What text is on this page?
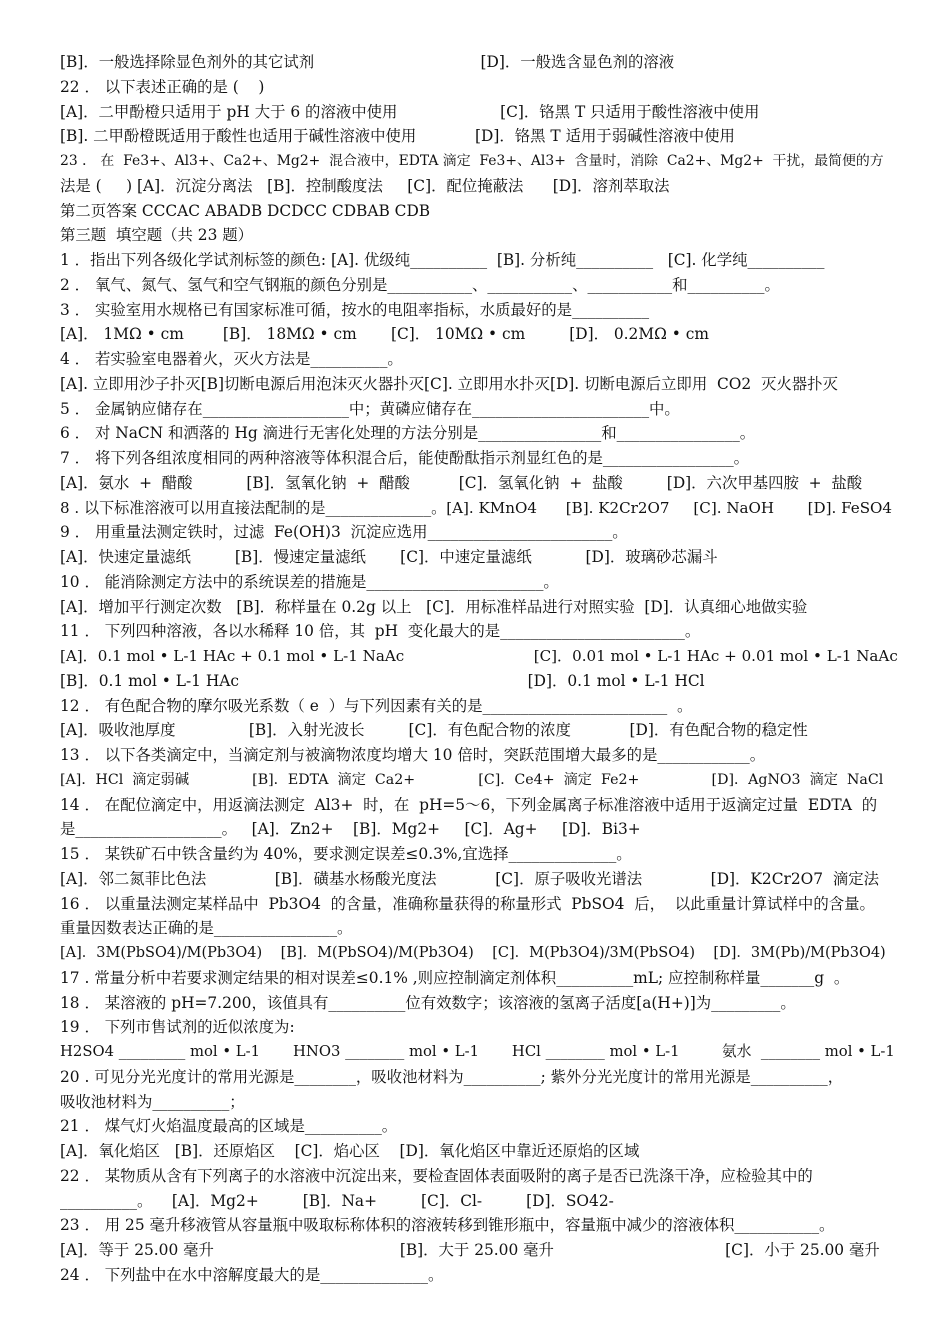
[B]．一般选择除显色剂外的其它试剂                                  [D]．一般选含显色剂的溶液
22 ． 以下表述正确的是 (    )
[A]．二甲酚橙只适用于 pH 大于 6 的溶液中使用                     [C]．铬黑 T 只适用于酸性溶液中使用
[B]. 二甲酚橙既适用于酸性也适用于碱性溶液中使用            [D]．铬黑 T 适用于弱碱性溶液中使用
23 ． 在  Fe3+、Al3+、Ca2+、Mg2+  混合液中，EDTA 滴定  Fe3+、Al3+  含量时，消除  Ca2+、Mg2+  干扰，最简便的方
法是 (     ) [A]．沉淀分离法   [B]．控制酸度法     [C]．配位掩蔽法      [D]．溶剂萃取法
第二页答案 CCCAC ABADB DCDCC CDBAB CDB
第三题  填空题（共 23 题）
1 ．指出下列各级化学试剂标签的颜色: [A]. 优级纯__________  [B]. 分析纯__________   [C]. 化学纯__________
2 ． 氧气、氮气、氢气和空气钢瓶的颜色分别是___________、___________、___________和__________。
3 ． 实验室用水规格已有国家标准可循，按水的电阻率指标，水质最好的是__________
[A]． 1MΩ • cm        [B]． 18MΩ • cm       [C]． 10MΩ • cm         [D]． 0.2MΩ • cm
4 ． 若实验室电器着火，灭火方法是__________。
[A]. 立即用沙子扑灭[B]切断电源后用泡沫灭火器扑灭[C]. 立即用水扑灭[D]. 切断电源后立即用  CO2  灭火器扑灭
5 ． 金属钠应储存在___________________中；黄磷应储存在_______________________中。
6 ． 对 NaCN 和洒落的 Hg 滴进行无害化处理的方法分别是________________和________________。
7 ． 将下列各组浓度相同的两种溶液等体积混合后，能使酚酞指示剂显红色的是_________________。
[A]．氨水  +  醋酸           [B]．氢氧化钠  +  醋酸          [C]．氢氧化钠  +  盐酸         [D]．六次甲基四胺  +  盐酸
8 . 以下标准溶液可以用直接法配制的是______________。[A]. KMnO4      [B]. K2Cr2O7     [C]. NaOH       [D]. FeSO4
9 ． 用重量法测定铁时，过滤  Fe(OH)3  沉淀应选用________________________。
[A]．快速定量滤纸         [B]．慢速定量滤纸       [C]．中速定量滤纸           [D]．玻璃砂芯漏斗
10 ． 能消除测定方法中的系统误差的措施是_______________________。
[A]．增加平行测定次数   [B]．称样量在 0.2g 以上   [C]．用标准样品进行对照实验  [D]．认真细心地做实验
11 ． 下列四种溶液，各以水稀释 10 倍，其  pH  变化最大的是________________________。
[A]．0.1 mol • L-1 HAc + 0.1 mol • L-1 NaAc                           [C]．0.01 mol • L-1 HAc + 0.01 mol • L-1 NaAc
[B]．0.1 mol • L-1 HAc                                                           [D]．0.1 mol • L-1 HCl
12 ． 有色配合物的摩尔吸光系数（ e  ）与下列因素有关的是________________________  。
[A]．吸收池厚度               [B]．入射光波长         [C]．有色配合物的浓度            [D]．有色配合物的稳定性
13 ． 以下各类滴定中，当滴定剂与被滴物浓度均增大 10 倍时，突跃范围增大最多的是____________。
[A]．HCl  滴定弱碱              [B]．EDTA  滴定  Ca2+              [C]．Ce4+  滴定  Fe2+                [D]．AgNO3  滴定  NaCl
14 ． 在配位滴定中，用返滴法测定  Al3+  时，在  pH=5～6，下列金属离子标准溶液中适用于返滴定过量  EDTA  的
是___________________。   [A]．Zn2+    [B]．Mg2+     [C]．Ag+     [D]．Bi3+
15 ． 某铁矿石中铁含量约为 40%，要求测定误差≤0.3%,宜选择______________。
[A]．邻二氮菲比色法              [B]．磺基水杨酸光度法            [C]．原子吸收光谱法              [D]．K2Cr2O7  滴定法
16 ． 以重量法测定某样品中  Pb3O4  的含量，准确称量获得的称量形式  PbSO4  后，  以此重量计算试样中的含量。
重量因数表达正确的是________________。
[A]．3M(PbSO4)/M(Pb3O4)    [B]．M(PbSO4)/M(Pb3O4)    [C]．M(Pb3O4)/3M(PbSO4)    [D]．3M(Pb)/M(Pb3O4)
17 . 常量分析中若要求测定结果的相对误差≤0.1% ,则应控制滴定剂体积__________mL; 应控制称样量_______g  。
18 ． 某溶液的 pH=7.200，该值具有__________位有效数字；该溶液的氢离子活度[a(H+)]为_________。
19 ． 下列市售试剂的近似浓度为:
H2SO4 _________ mol • L-1       HNO3 ________ mol • L-1       HCl ________ mol • L-1         氨水  ________ mol • L-1
20 . 可见分光光度计的常用光源是________，吸收池材料为__________; 紫外分光光度计的常用光源是__________，
吸收池材料为__________；
21 ． 煤气灯火焰温度最高的区域是__________。
[A]．氧化焰区   [B]．还原焰区    [C]．焰心区    [D]．氧化焰区中靠近还原焰的区域
22 ． 某物质从含有下列离子的水溶液中沉淀出来，要检查固体表面吸附的离子是否已洗涤干净，应检验其中的
__________。    [A]．Mg2+         [B]．Na+         [C]．Cl-         [D]．SO42-
23 ． 用 25 毫升移液管从容量瓶中吸取标称体积的溶液转移到锥形瓶中，容量瓶中减少的溶液体积___________。
[A]．等于 25.00 毫升                                      [B]．大于 25.00 毫升                                   [C]．小于 25.00 毫升
24 ． 下列盐中在水中溶解度最大的是______________。
